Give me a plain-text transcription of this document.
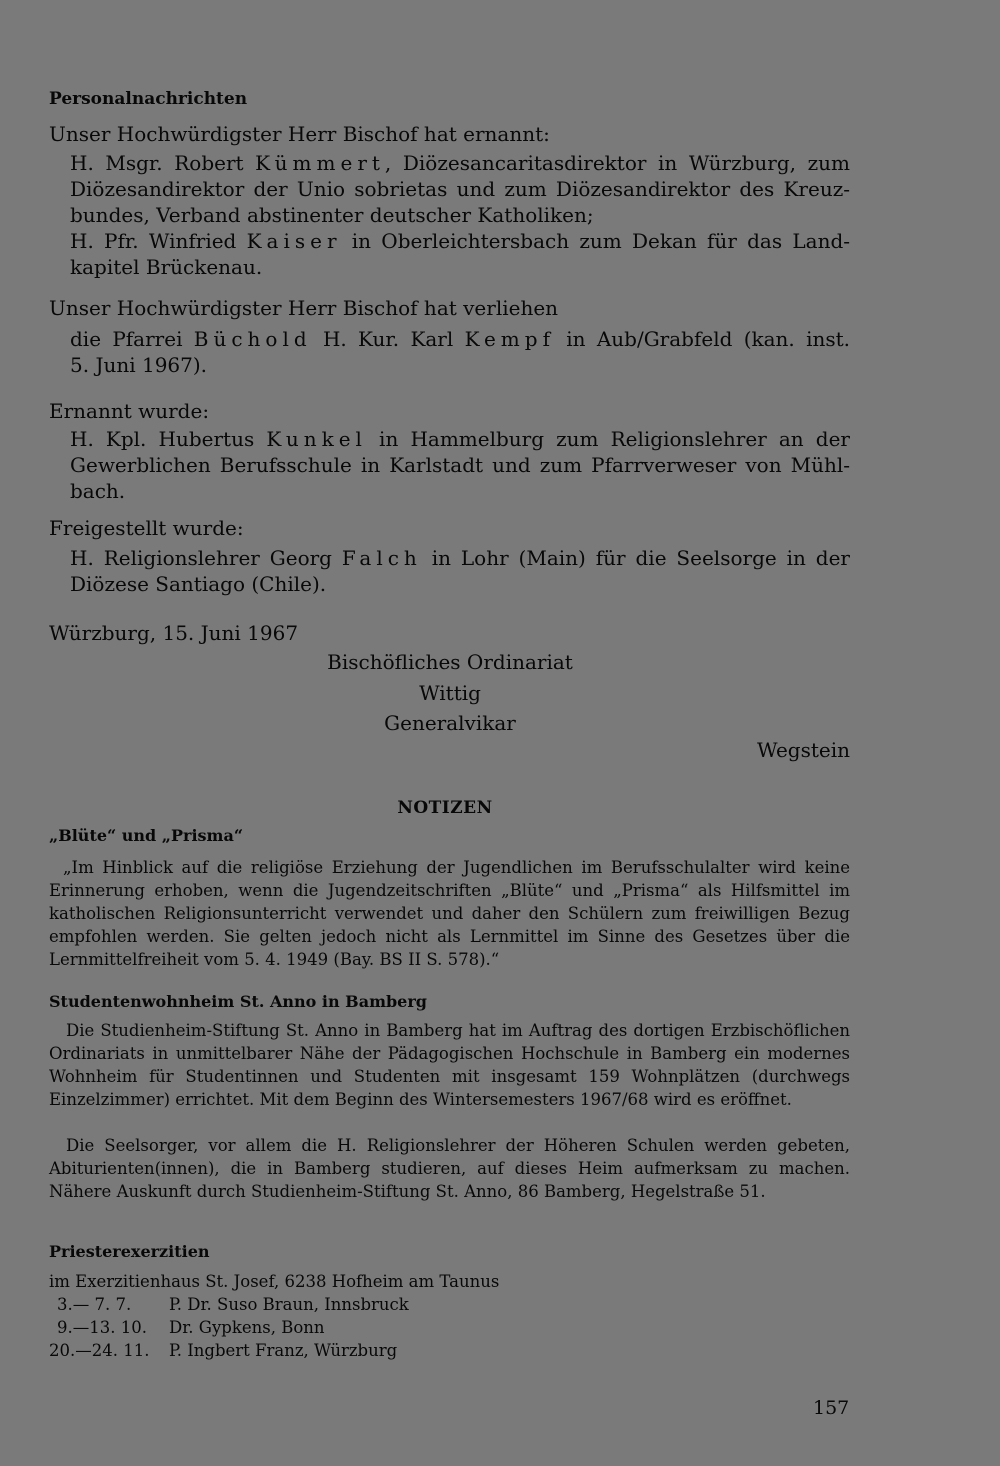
Personalnachrichten
Unser Hochwürdigster Herr Bischof hat ernannt:
H. Msgr. Robert Kümmert, Diözesancaritasdirektor in Würzburg, zum
Diözesandirektor der Unio sobrietas und zum Diözesandirektor des Kreuz-
bundes, Verband abstinenter deutscher Katholiken;
H. Pfr. Winfried Kaiser in Oberleichtersbach zum Dekan für das Land-
kapitel Brückenau.
Unser Hochwürdigster Herr Bischof hat verliehen
die Pfarrei Büchold H. Kur. Karl Kempf in Aub/Grabfeld (kan. inst.
5. Juni 1967).
Ernannt wurde:
H. Kpl. Hubertus Kunkel in Hammelburg zum Religionslehrer an der
Gewerblichen Berufsschule in Karlstadt und zum Pfarrverweser von Mühl-
bach.
Freigestellt wurde:
H. Religionslehrer Georg Falch in Lohr (Main) für die Seelsorge in der
Diözese Santiago (Chile).
Würzburg, 15. Juni 1967
Bischöfliches Ordinariat
Wittig
Generalvikar
Wegstein
NOTIZEN
„Blüte“ und „Prisma“

„Im Hinblick auf die religiöse Erziehung der Jugendlichen im Berufsschulalter wird keine Erinnerung erhoben, wenn die Jugendzeitschriften „Blüte“ und „Prisma“ als Hilfsmittel im katholischen Religionsunterricht verwendet und daher den Schülern zum freiwilligen Bezug empfohlen werden. Sie gelten jedoch nicht als Lernmittel im Sinne des Gesetzes über die Lernmittelfreiheit vom 5. 4. 1949 (Bay. BS II S. 578).“

Studentenwohnheim St. Anno in Bamberg

Die Studienheim-Stiftung St. Anno in Bamberg hat im Auftrag des dortigen Erzbischöflichen Ordinariats in unmittelbarer Nähe der Pädagogischen Hochschule in Bamberg ein modernes Wohnheim für Studentinnen und Studenten mit insgesamt 159 Wohnplätzen (durchwegs Einzelzimmer) errichtet. Mit dem Beginn des Wintersemesters 1967/68 wird es eröffnet.

Die Seelsorger, vor allem die H. Religionslehrer der Höheren Schulen werden gebeten, Abiturienten(innen), die in Bamberg studieren, auf dieses Heim aufmerksam zu machen. Nähere Auskunft durch Studienheim-Stiftung St. Anno, 86 Bamberg, Hegelstraße 51.

Priesterexerzitien
im Exerzitienhaus St. Josef, 6238 Hofheim am Taunus
3.— 7. 7. P. Dr. Suso Braun, Innsbruck
9.—13. 10. Dr. Gypkens, Bonn
20.—24. 11. P. Ingbert Franz, Würzburg
157
